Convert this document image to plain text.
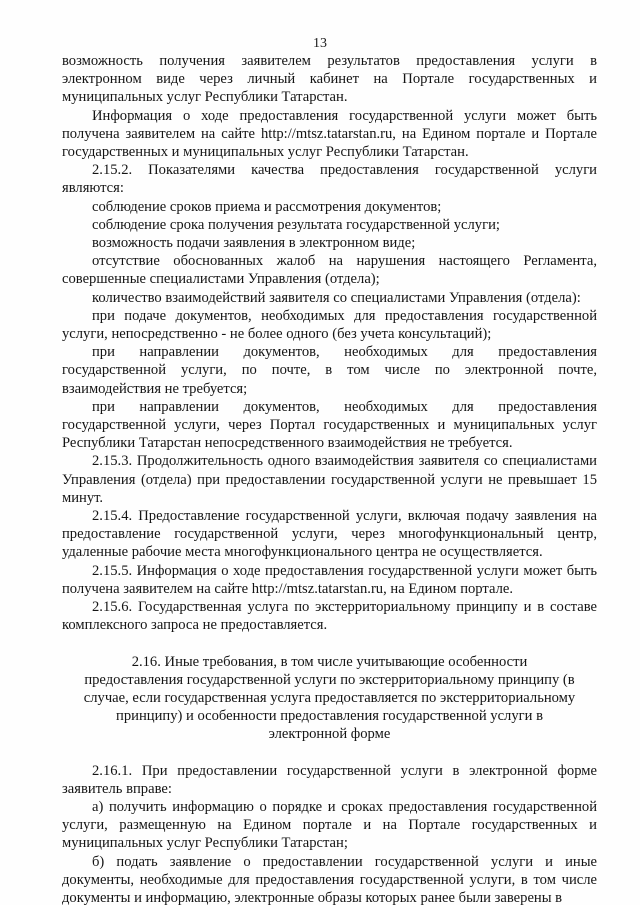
13

возможность получения заявителем результатов предоставления услуги в электронном виде через личный кабинет на Портале государственных и муниципальных услуг Республики Татарстан.

Информация о ходе предоставления государственной услуги может быть получена заявителем на сайте http://mtsz.tatarstan.ru, на Едином портале и Портале государственных и муниципальных услуг Республики Татарстан.

2.15.2. Показателями качества предоставления государственной услуги являются:

соблюдение сроков приема и рассмотрения документов;

соблюдение срока получения результата государственной услуги;

возможность подачи заявления в электронном виде;

отсутствие обоснованных жалоб на нарушения настоящего Регламента, совершенные специалистами Управления (отдела);

количество взаимодействий заявителя со специалистами Управления (отдела):

при подаче документов, необходимых для предоставления государственной услуги, непосредственно - не более одного (без учета консультаций);

при направлении документов, необходимых для предоставления государственной услуги, по почте, в том числе по электронной почте, взаимодействия не требуется;

при направлении документов, необходимых для предоставления государственной услуги, через Портал государственных и муниципальных услуг Республики Татарстан непосредственного взаимодействия не требуется.

2.15.3. Продолжительность одного взаимодействия заявителя со специалистами Управления (отдела) при предоставлении государственной услуги не превышает 15 минут.

2.15.4. Предоставление государственной услуги, включая подачу заявления на предоставление государственной услуги, через многофункциональный центр, удаленные рабочие места многофункционального центра не осуществляется.

2.15.5. Информация о ходе предоставления государственной услуги может быть получена заявителем на сайте http://mtsz.tatarstan.ru, на Едином портале.

2.15.6. Государственная услуга по экстерриториальному принципу и в составе комплексного запроса не предоставляется.

2.16. Иные требования, в том числе учитывающие особенности предоставления государственной услуги по экстерриториальному принципу (в случае, если государственная услуга предоставляется по экстерриториальному принципу) и особенности предоставления государственной услуги в электронной форме

2.16.1. При предоставлении государственной услуги в электронной форме заявитель вправе:

а) получить информацию о порядке и сроках предоставления государственной услуги, размещенную на Едином портале и на Портале государственных и муниципальных услуг Республики Татарстан;

б) подать заявление о предоставлении государственной услуги и иные документы, необходимые для предоставления государственной услуги, в том числе документы и информацию, электронные образы которых ранее были заверены в
